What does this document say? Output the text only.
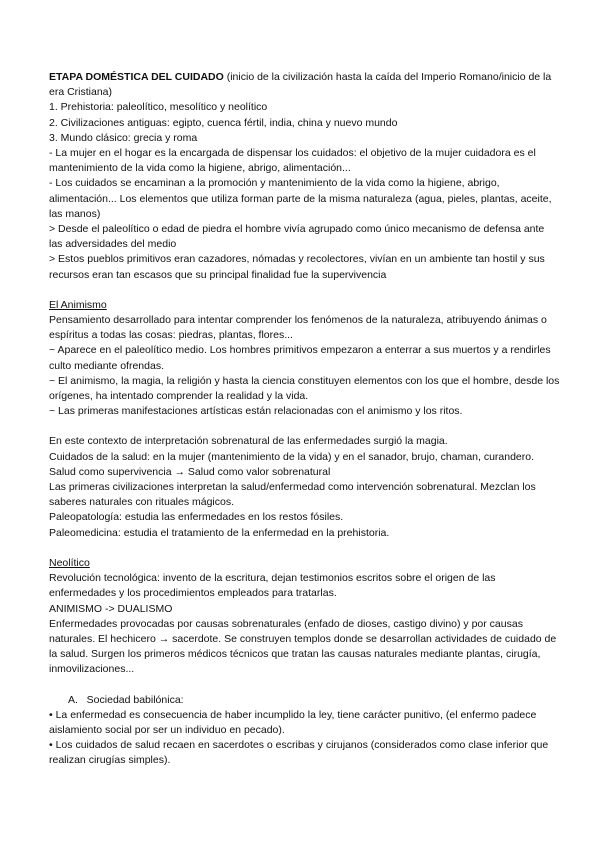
ETAPA DOMÉSTICA DEL CUIDADO (inicio de la civilización hasta la caída del Imperio Romano/inicio de la era Cristiana)

1. Prehistoria: paleolítico, mesolítico y neolítico

2. Civilizaciones antiguas: egipto, cuenca fértil, india, china y nuevo mundo

3. Mundo clásico: grecia y roma

- La mujer en el hogar es la encargada de dispensar los cuidados: el objetivo de la mujer cuidadora es el mantenimiento de la vida como la higiene, abrigo, alimentación...

- Los cuidados se encaminan a la promoción y mantenimiento de la vida como la higiene, abrigo, alimentación... Los elementos que utiliza forman parte de la misma naturaleza (agua, pieles, plantas, aceite, las manos)

> Desde el paleolítico o edad de piedra el hombre vivía agrupado como único mecanismo de defensa ante las adversidades del medio

> Estos pueblos primitivos eran cazadores, nómadas y recolectores, vivían en un ambiente tan hostil y sus recursos eran tan escasos que su principal finalidad fue la supervivencia

El Animismo

Pensamiento desarrollado para intentar comprender los fenómenos de la naturaleza, atribuyendo ánimas o espíritus a todas las cosas: piedras, plantas, flores...

~ Aparece en el paleolítico medio. Los hombres primitivos empezaron a enterrar a sus muertos y a rendirles culto mediante ofrendas.

~ El animismo, la magia, la religión y hasta la ciencia constituyen elementos con los que el hombre, desde los orígenes, ha intentado comprender la realidad y la vida.

~ Las primeras manifestaciones artísticas están relacionadas con el animismo y los ritos.

En este contexto de interpretación sobrenatural de las enfermedades surgió la magia.

Cuidados de la salud: en la mujer (mantenimiento de la vida) y en el sanador, brujo, chaman, curandero.

Salud como supervivencia → Salud como valor sobrenatural

Las primeras civilizaciones interpretan la salud/enfermedad como intervención sobrenatural. Mezclan los saberes naturales con rituales mágicos.

Paleopatología: estudia las enfermedades en los restos fósiles.

Paleomedicina: estudia el tratamiento de la enfermedad en la prehistoria.

Neolítico

Revolución tecnológica: invento de la escritura, dejan testimonios escritos sobre el origen de las enfermedades y los procedimientos empleados para tratarlas.

ANIMISMO -> DUALISMO

Enfermedades provocadas por causas sobrenaturales (enfado de dioses, castigo divino) y por causas naturales. El hechicero → sacerdote. Se construyen templos donde se desarrollan actividades de cuidado de la salud. Surgen los primeros médicos técnicos que tratan las causas naturales mediante plantas, cirugía, inmovilizaciones...

A.   Sociedad babilónica:

• La enfermedad es consecuencia de haber incumplido la ley, tiene carácter punitivo, (el enfermo padece aislamiento social por ser un individuo en pecado).

• Los cuidados de salud recaen en sacerdotes o escribas y cirujanos (considerados como clase inferior que realizan cirugías simples).
